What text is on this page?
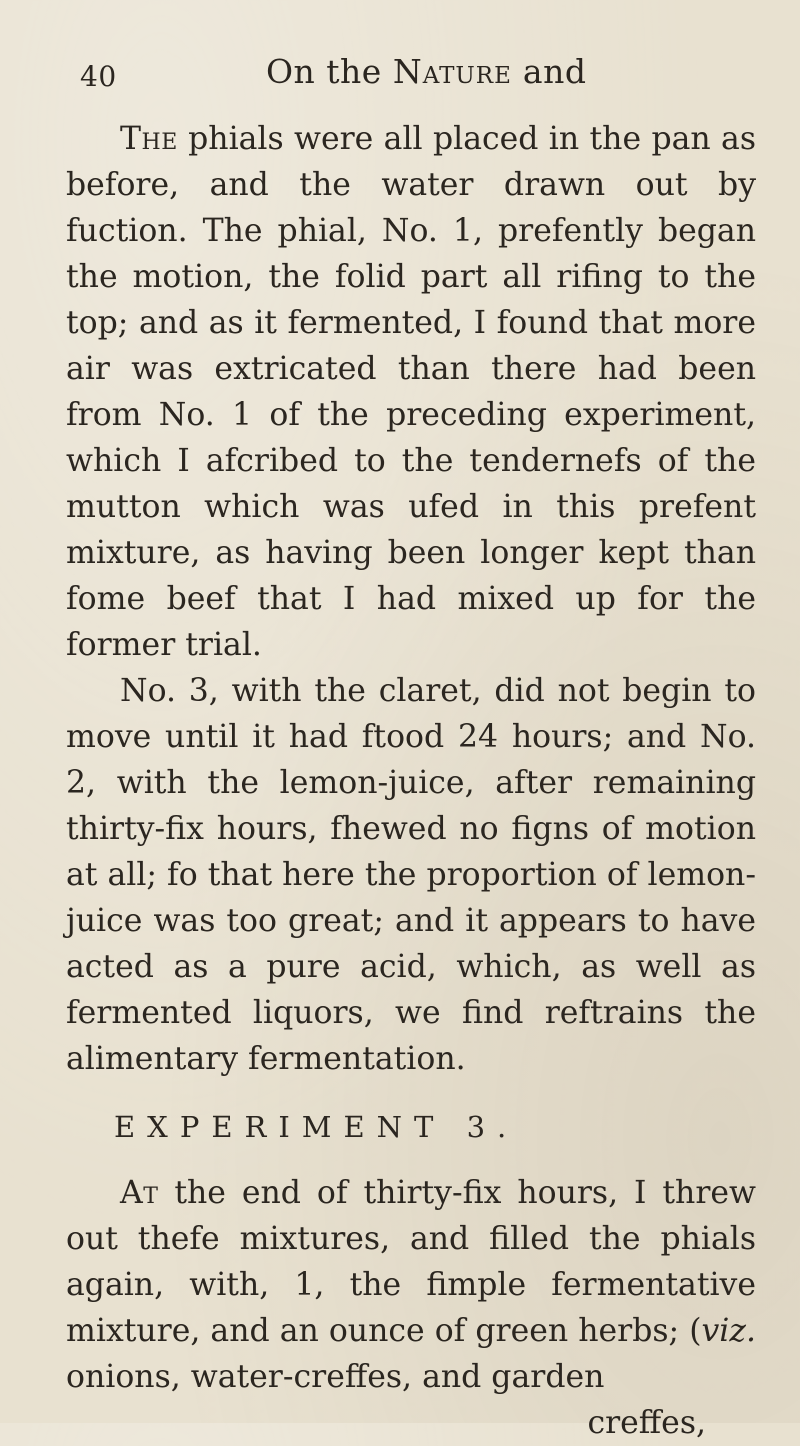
40	On the Nature and

The phials were all placed in the pan as before, and the water drawn out by fuction. The phial, No. 1, prefently began the motion, the folid part all rifing to the top; and as it fermented, I found that more air was extricated than there had been from No. 1 of the preceding experiment, which I afcribed to the tendernefs of the mutton which was ufed in this prefent mixture, as having been longer kept than fome beef that I had mixed up for the former trial.

No. 3, with the claret, did not begin to move until it had ftood 24 hours; and No. 2, with the lemon-juice, after remaining thirty-fix hours, fhewed no figns of motion at all; fo that here the proportion of lemon-juice was too great; and it appears to have acted as a pure acid, which, as well as fermented liquors, we find reftrains the alimentary fermentation.

EXPERIMENT 3.

At the end of thirty-fix hours, I threw out thefe mixtures, and filled the phials again, with, 1, the fimple fermentative mixture, and an ounce of green herbs; (viz. onions, water-creffes, and garden

creffes,
